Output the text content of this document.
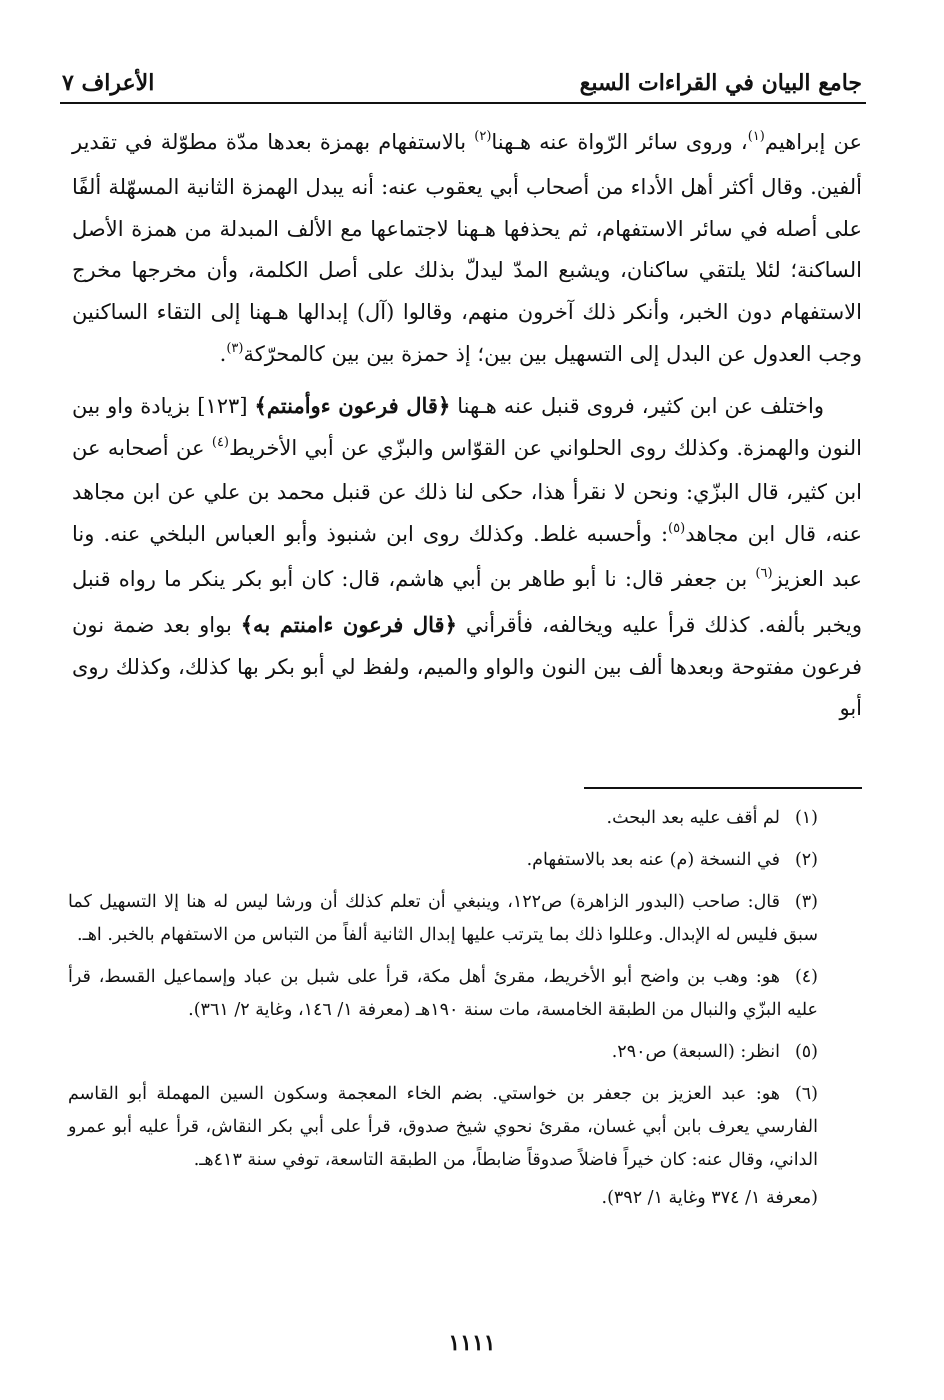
جامع البيان في القراءات السبع
الأعراف ٧

عن إبراهيم$^{(١)}$، وروى سائر الرّواة عنه هـهنا$^{(٢)}$ بالاستفهام بهمزة بعدها مدّة مطوّلة في تقدير ألفين. وقال أكثر أهل الأداء من أصحاب أبي يعقوب عنه: أنه يبدل الهمزة الثانية المسهّلة ألفًا على أصله في سائر الاستفهام، ثم يحذفها هـهنا لاجتماعها مع الألف المبدلة من همزة الأصل الساكنة؛ لئلا يلتقي ساكنان، ويشبع المدّ ليدلّ بذلك على أصل الكلمة، وأن مخرجها مخرج الاستفهام دون الخبر، وأنكر ذلك آخرون منهم، وقالوا (آل) إبدالها هـهنا إلى التقاء الساكنين وجب العدول عن البدل إلى التسهيل بين بين؛ إذ حمزة بين بين كالمحرّكة$^{(٣)}$.

واختلف عن ابن كثير، فروى قنبل عنه هـهنا ﴿قال فرعون ءوأمنتم﴾ [١٢٣] بزيادة واو بين النون والهمزة. وكذلك روى الحلواني عن القوّاس والبزّي عن أبي الأخريط$^{(٤)}$ عن أصحابه عن ابن كثير، قال البزّي: ونحن لا نقرأ هذا، حكى لنا ذلك عن قنبل محمد بن علي عن ابن مجاهد عنه، قال ابن مجاهد$^{(٥)}$: وأحسبه غلط. وكذلك روى ابن شنبوذ وأبو العباس البلخي عنه. ونا عبد العزيز$^{(٦)}$ بن جعفر قال: نا أبو طاهر بن أبي هاشم، قال: كان أبو بكر ينكر ما رواه قنبل ويخبر بألفه. كذلك قرأ عليه ويخالفه، فأقرأني ﴿قال فرعون ءامنتم به﴾ بواو بعد ضمة نون فرعون مفتوحة وبعدها ألف بين النون والواو والميم، ولفظ لي أبو بكر بها كذلك، وكذلك روى أبو

(١)لم أقف عليه بعد البحث.
(٢)في النسخة (م) عنه بعد بالاستفهام.
(٣)قال: صاحب (البدور الزاهرة) ص١٢٢، وينبغي أن تعلم كذلك أن ورشا ليس له هنا إلا التسهيل كما سبق فليس له الإبدال. وعللوا ذلك بما يترتب عليها إبدال الثانية ألفاً من التباس من الاستفهام بالخبر. اهـ.
(٤)هو: وهب بن واضح أبو الأخريط، مقرئ أهل مكة، قرأ على شبل بن عباد وإسماعيل القسط، قرأ عليه البزّي والنبال من الطبقة الخامسة، مات سنة ١٩٠هـ (معرفة ١/ ١٤٦، وغاية ٢/ ٣٦١).
(٥)انظر: (السبعة) ص٢٩٠.
(٦)هو: عبد العزيز بن جعفر بن خواستي. بضم الخاء المعجمة وسكون السين المهملة أبو القاسم الفارسي يعرف بابن أبي غسان، مقرئ نحوي شيخ صدوق، قرأ على أبي بكر النقاش، قرأ عليه أبو عمرو الداني، وقال عنه: كان خيراً فاضلاً صدوقاً ضابطاً، من الطبقة التاسعة، توفي سنة ٤١٣هـ.
(معرفة ١/ ٣٧٤ وغاية ١/ ٣٩٢).
١١١١
